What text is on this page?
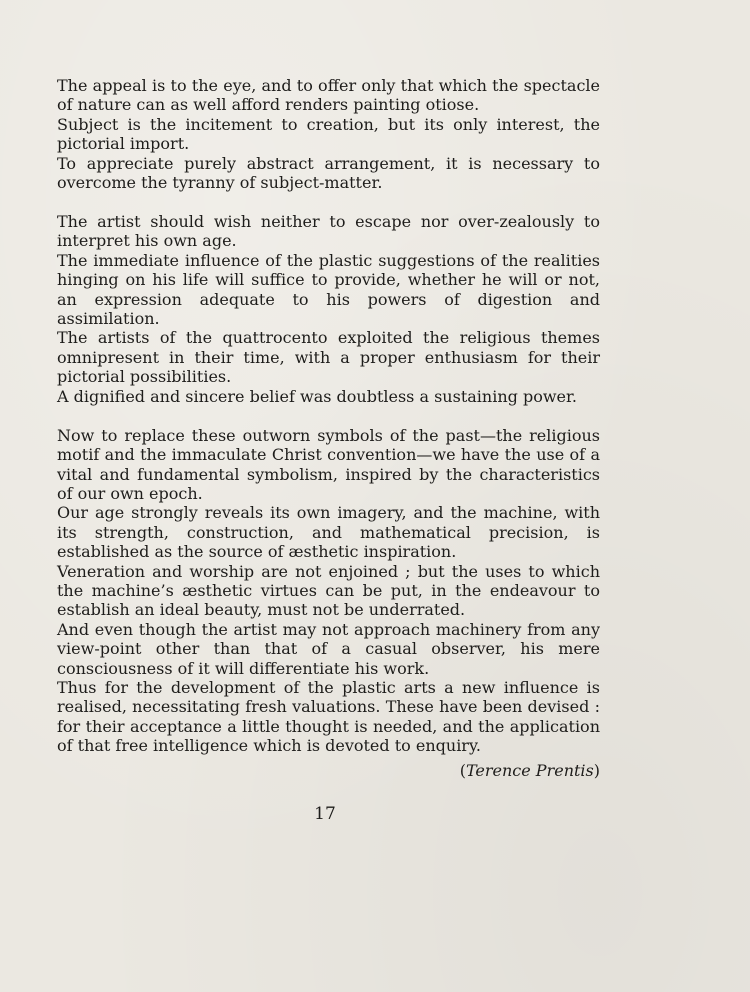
The appeal is to the eye, and to offer only that which the spectacle of nature can as well afford renders painting otiose.

Subject is the incitement to creation, but its only interest, the pictorial import.

To appreciate purely abstract arrangement, it is necessary to overcome the tyranny of subject-matter.

The artist should wish neither to escape nor over-zealously to interpret his own age.

The immediate influence of the plastic suggestions of the realities hinging on his life will suffice to provide, whether he will or not, an expression adequate to his powers of digestion and assimilation.

The artists of the quattrocento exploited the religious themes omnipresent in their time, with a proper enthusiasm for their pictorial possibilities.

A dignified and sincere belief was doubtless a sustaining power.

Now to replace these outworn symbols of the past—the religious motif and the immaculate Christ convention—we have the use of a vital and fundamental symbolism, inspired by the characteristics of our own epoch.

Our age strongly reveals its own imagery, and the machine, with its strength, construction, and mathematical precision, is established as the source of æsthetic inspiration.

Veneration and worship are not enjoined ; but the uses to which the machine’s æsthetic virtues can be put, in the endeavour to establish an ideal beauty, must not be underrated.

And even though the artist may not approach machinery from any view-point other than that of a casual observer, his mere consciousness of it will differentiate his work.

Thus for the development of the plastic arts a new influence is realised, necessitating fresh valuations. These have been devised : for their acceptance a little thought is needed, and the application of that free intelligence which is devoted to enquiry.

(Terence Prentis)
17
